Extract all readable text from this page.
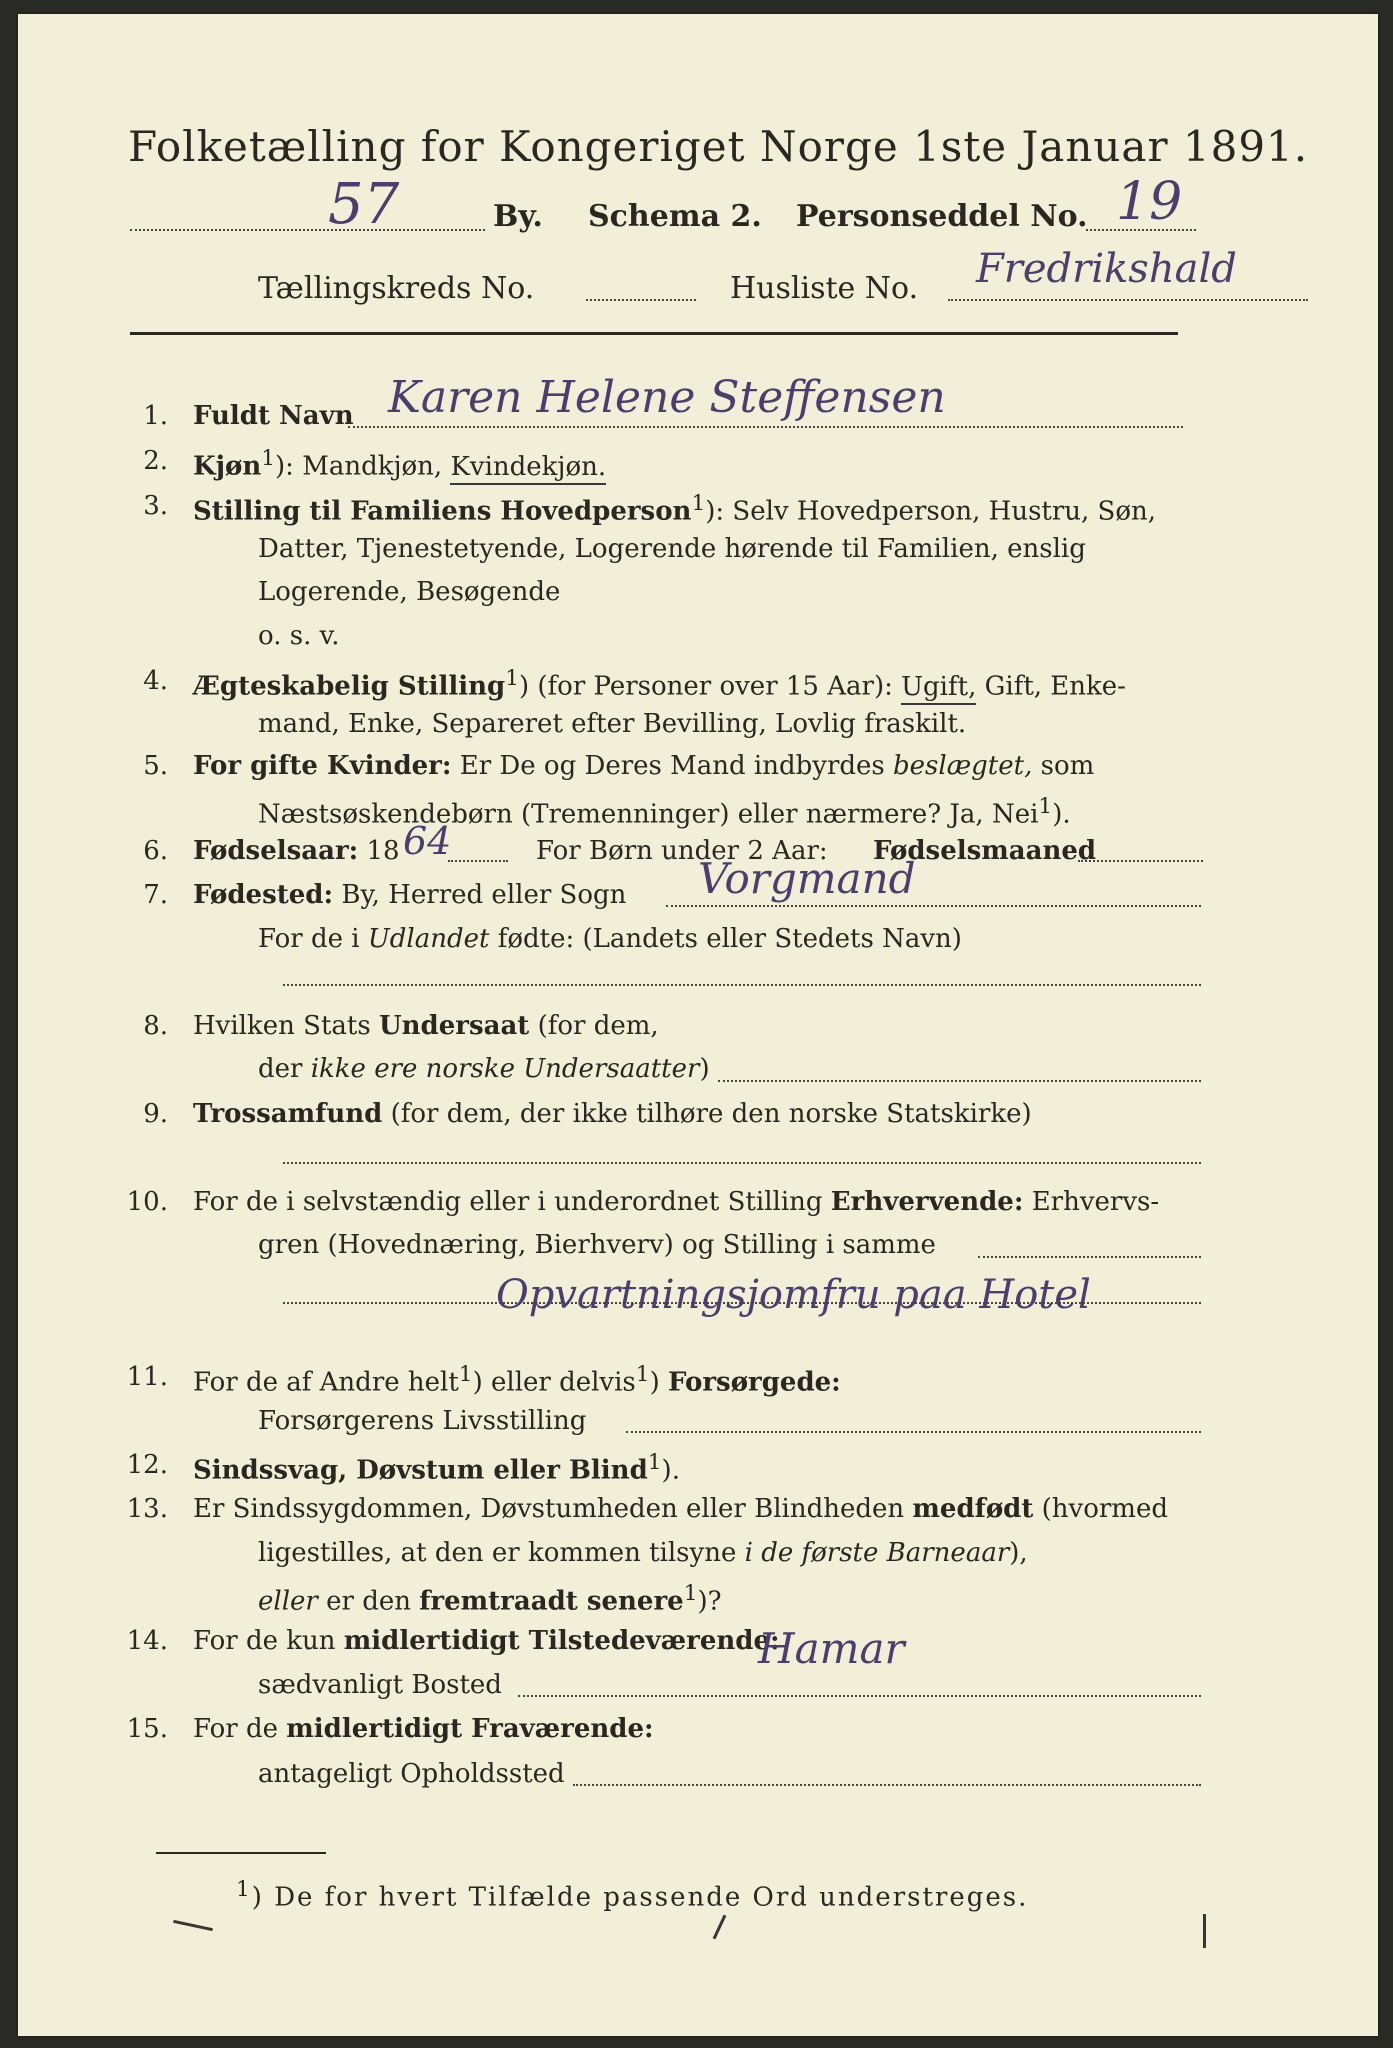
Folketælling for Kongeriget Norge 1ste Januar 1891.
57	By. Schema 2. Personseddel No. 19
Tællingskreds No.	Husliste No. Fredrikshald
1. Fuldt Navn Karen Helene Steffensen
2. Kjøn$^1$): Mandkjøn, Kvindekjøn.
3. Stilling til Familiens Hovedperson$^1$): Selv Hovedperson, Hustru, Søn,
Datter, Tjenestetyende, Logerende hørende til Familien, enslig
Logerende, Besøgende
o. s. v.
4. Ægteskabelig Stilling$^1$) (for Personer over 15 Aar): Ugift, Gift, Enke-
mand, Enke, Separeret efter Bevilling, Lovlig fraskilt.
5. For gifte Kvinder: Er De og Deres Mand indbyrdes beslægtet, som
Næstsøskendebørn (Tremenninger) eller nærmere? Ja, Nei$^1$).
6. Fødselsaar: 18 64	For Børn under 2 Aar: Fødselsmaaned
7. Fødested: By, Herred eller Sogn Vorgmand
For de i Udlandet fødte: (Landets eller Stedets Navn)
8. Hvilken Stats Undersaat (for dem,
der ikke ere norske Undersaatter)
9. Trossamfund (for dem, der ikke tilhøre den norske Statskirke)
10. For de i selvstændig eller i underordnet Stilling Erhvervende: Erhvervs-
gren (Hovednæring, Bierhverv) og Stilling i samme
Opvartningsjomfru paa Hotel
11. For de af Andre helt$^1$) eller delvis$^1$) Forsørgede:
Forsørgerens Livsstilling
12. Sindssvag, Døvstum eller Blind$^1$).
13. Er Sindssygdommen, Døvstumheden eller Blindheden medfødt (hvormed
ligestilles, at den er kommen tilsyne i de første Barneaar),
eller er den fremtraadt senere$^1$)?
14. For de kun midlertidigt Tilstedeværende:
sædvanligt Bosted
Hamar
15. For de midlertidigt Fraværende:
antageligt Opholdssted
$^1$) De for hvert Tilfælde passende Ord understreges.
